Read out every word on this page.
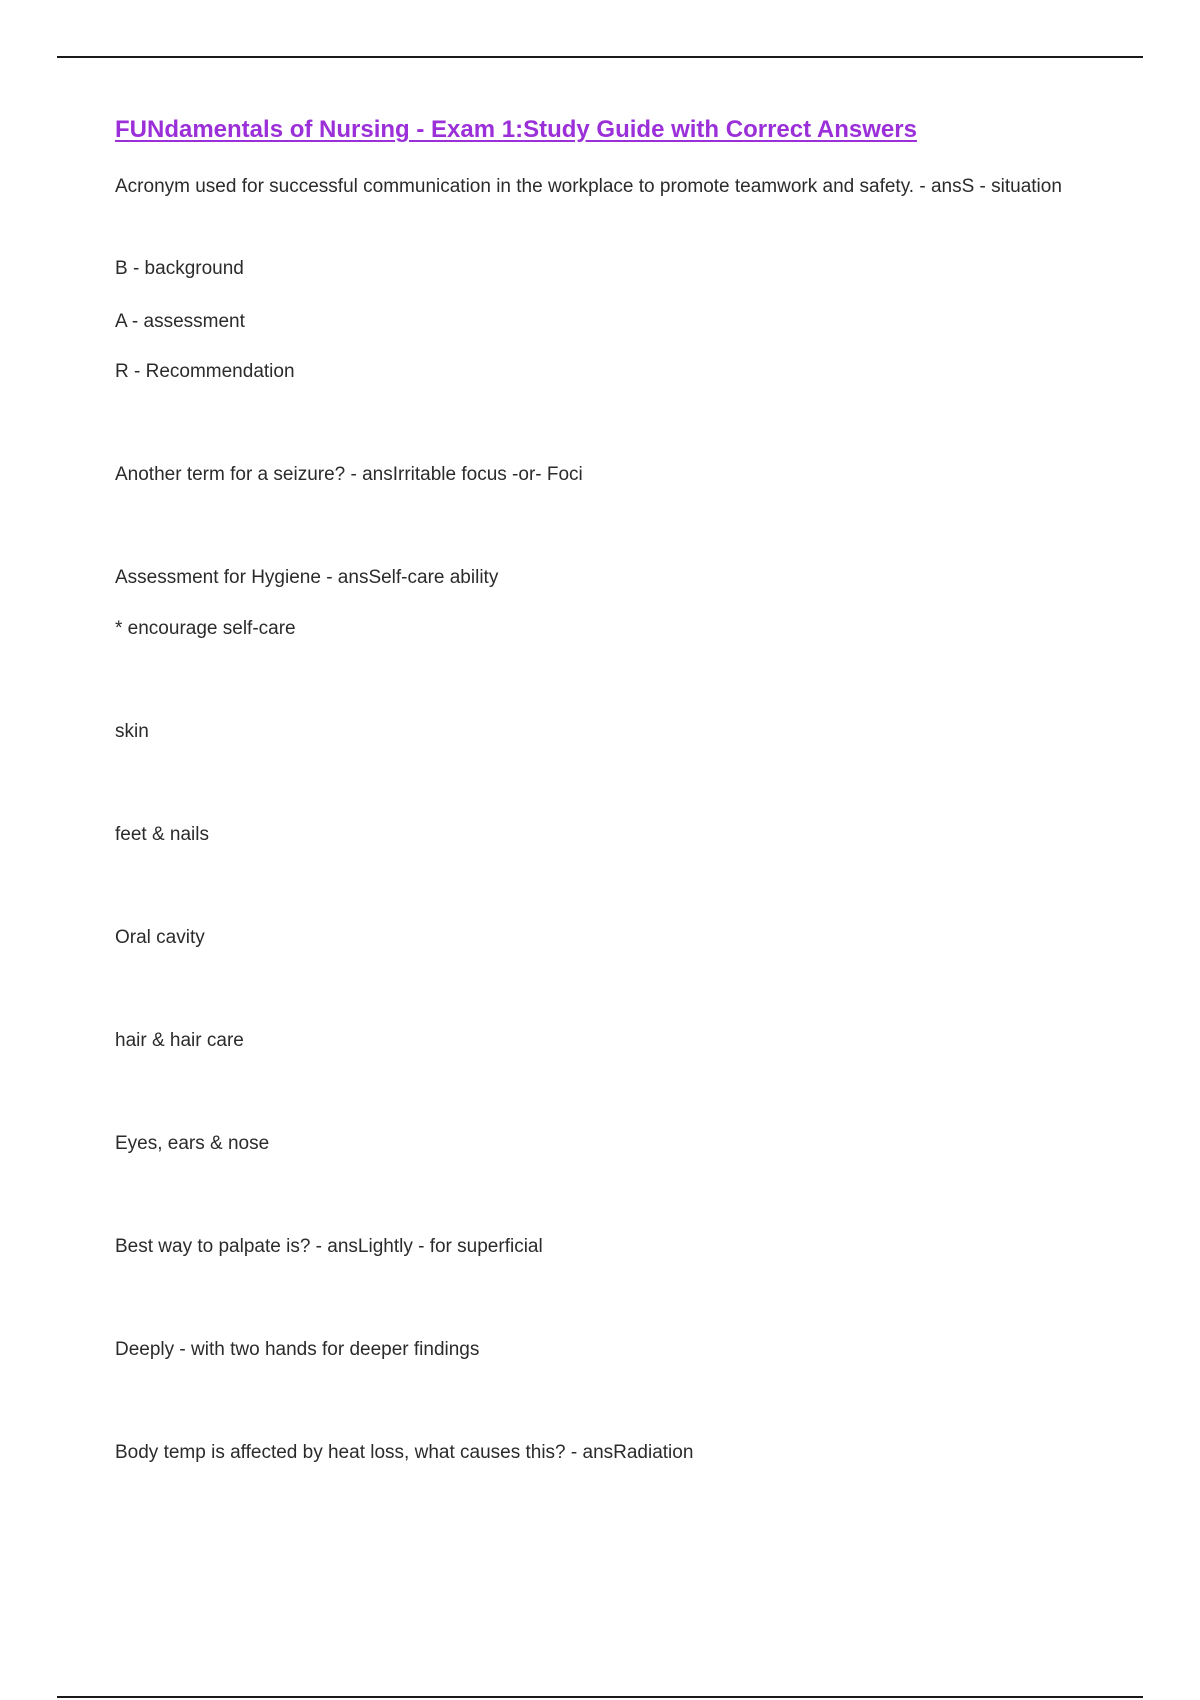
FUNdamentals of Nursing - Exam 1:Study Guide with Correct Answers

Acronym used for successful communication in the workplace to promote teamwork and safety. - ansS - situation

B - background

A - assessment

R - Recommendation

Another term for a seizure? - ansIrritable focus -or- Foci

Assessment for Hygiene - ansSelf-care ability

* encourage self-care

skin

feet & nails

Oral cavity

hair & hair care

Eyes, ears & nose

Best way to palpate is? - ansLightly - for superficial

Deeply - with two hands for deeper findings

Body temp is affected by heat loss, what causes this? - ansRadiation
